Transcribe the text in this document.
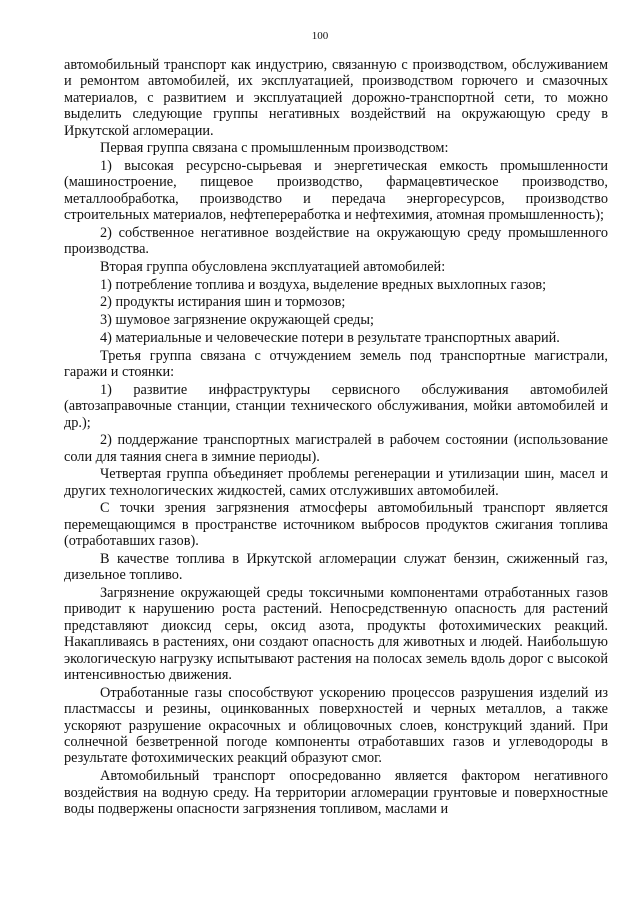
100

автомобильный транспорт как индустрию, связанную с производством, обслуживанием и ремонтом автомобилей, их эксплуатацией, производством горючего и смазочных материалов, с развитием и эксплуатацией дорожно-транспортной сети, то можно выделить следующие группы негативных воздействий на окружающую среду в Иркутской агломерации.

Первая группа связана с промышленным производством:

1) высокая ресурсно-сырьевая и энергетическая емкость промышленности (машиностроение, пищевое производство, фармацевтическое производство, металлообработка, производство и передача энергоресурсов, производство строительных материалов, нефтепереработка и нефтехимия, атомная промышленность);

2) собственное негативное воздействие на окружающую среду промышленного производства.

Вторая группа обусловлена эксплуатацией автомобилей:

1) потребление топлива и воздуха, выделение вредных выхлопных газов;

2) продукты истирания шин и тормозов;

3) шумовое загрязнение окружающей среды;

4) материальные и человеческие потери в результате транспортных аварий.

Третья группа связана с отчуждением земель под транспортные магистрали, гаражи и стоянки:

1) развитие инфраструктуры сервисного обслуживания автомобилей (автозаправочные станции, станции технического обслуживания, мойки автомобилей и др.);

2) поддержание транспортных магистралей в рабочем состоянии (использование соли для таяния снега в зимние периоды).

Четвертая группа объединяет проблемы регенерации и утилизации шин, масел и других технологических жидкостей, самих отслуживших автомобилей.

С точки зрения загрязнения атмосферы автомобильный транспорт является перемещающимся в пространстве источником выбросов продуктов сжигания топлива (отработавших газов).

В качестве топлива в Иркутской агломерации служат бензин, сжиженный газ, дизельное топливо.

Загрязнение окружающей среды токсичными компонентами отработанных газов приводит к нарушению роста растений. Непосредственную опасность для растений представляют диоксид серы, оксид азота, продукты фотохимических реакций. Накапливаясь в растениях, они создают опасность для животных и людей. Наибольшую экологическую нагрузку испытывают растения на полосах земель вдоль дорог с высокой интенсивностью движения.

Отработанные газы способствуют ускорению процессов разрушения изделий из пластмассы и резины, оцинкованных поверхностей и черных металлов, а также ускоряют разрушение окрасочных и облицовочных слоев, конструкций зданий. При солнечной безветренной погоде компоненты отработавших газов и углеводороды в результате фотохимических реакций образуют смог.

Автомобильный транспорт опосредованно является фактором негативного воздействия на водную среду. На территории агломерации грунтовые и поверхностные воды подвержены опасности загрязнения топливом, маслами и
